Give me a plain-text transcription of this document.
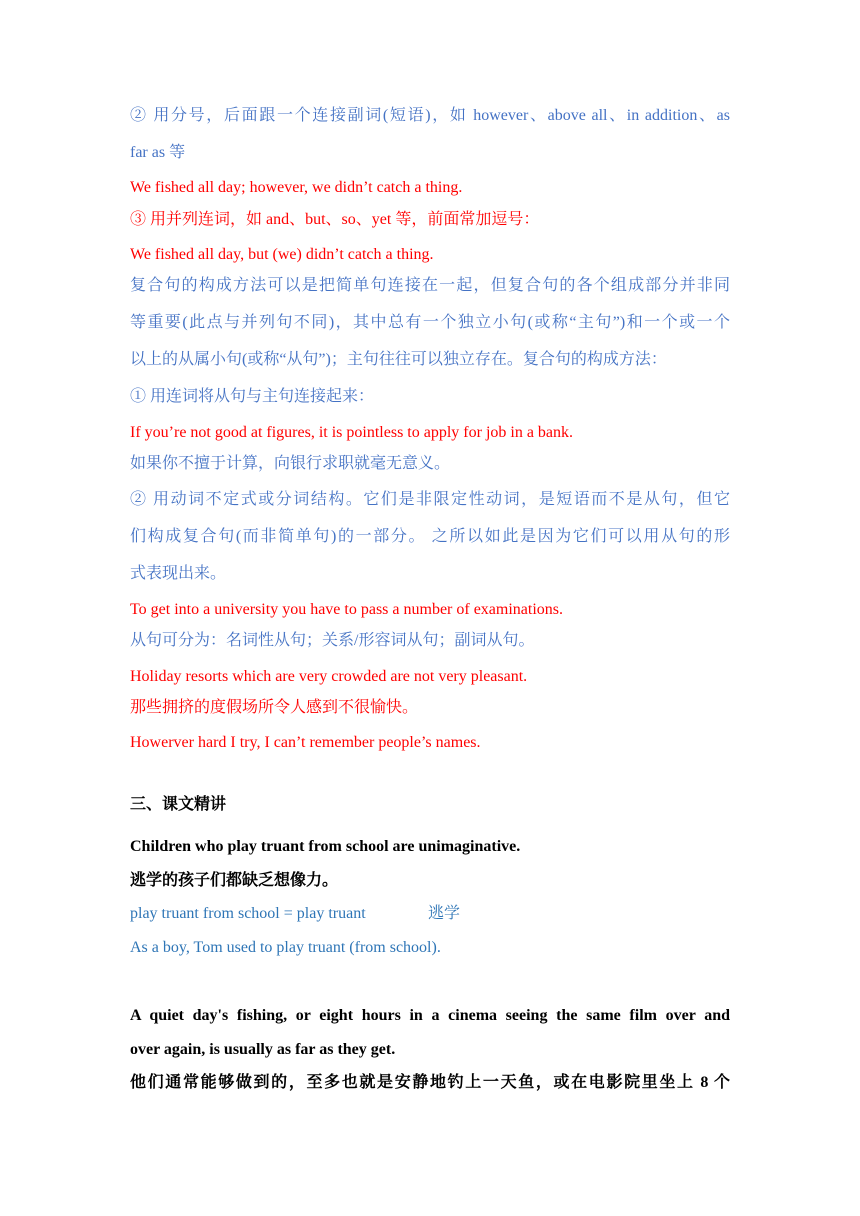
② 用分号，后面跟一个连接副词(短语)，如 however、above all、in addition、as
far as 等
We fished all day; however, we didn’t catch a thing.
③ 用并列连词，如 and、but、so、yet 等，前面常加逗号：
We fished all day, but (we) didn’t catch a thing.
复合句的构成方法可以是把简单句连接在一起，但复合句的各个组成部分并非同
等重要(此点与并列句不同)，其中总有一个独立小句(或称“主句”)和一个或一个
以上的从属小句(或称“从句”)；主句往往可以独立存在。复合句的构成方法：
① 用连词将从句与主句连接起来：
If you’re not good at figures, it is pointless to apply for job in a bank.
如果你不擅于计算，向银行求职就毫无意义。
② 用动词不定式或分词结构。它们是非限定性动词，是短语而不是从句，但它
们构成复合句(而非简单句)的一部分。 之所以如此是因为它们可以用从句的形
式表现出来。
To get into a university you have to pass a number of examinations.
从句可分为：名词性从句；关系/形容词从句；副词从句。
Holiday resorts which are very crowded are not very pleasant.
那些拥挤的度假场所令人感到不很愉快。
Howerver hard I try, I can’t remember people’s names.
三、课文精讲
Children who play truant from school are unimaginative.
逃学的孩子们都缺乏想像力。
play truant from school = play truant	逃学
As a boy, Tom used to play truant (from school).
A quiet day's fishing, or eight hours in a cinema seeing the same film over and
over again, is usually as far as they get.
他们通常能够做到的，至多也就是安静地钓上一天鱼，或在电影院里坐上 8 个
